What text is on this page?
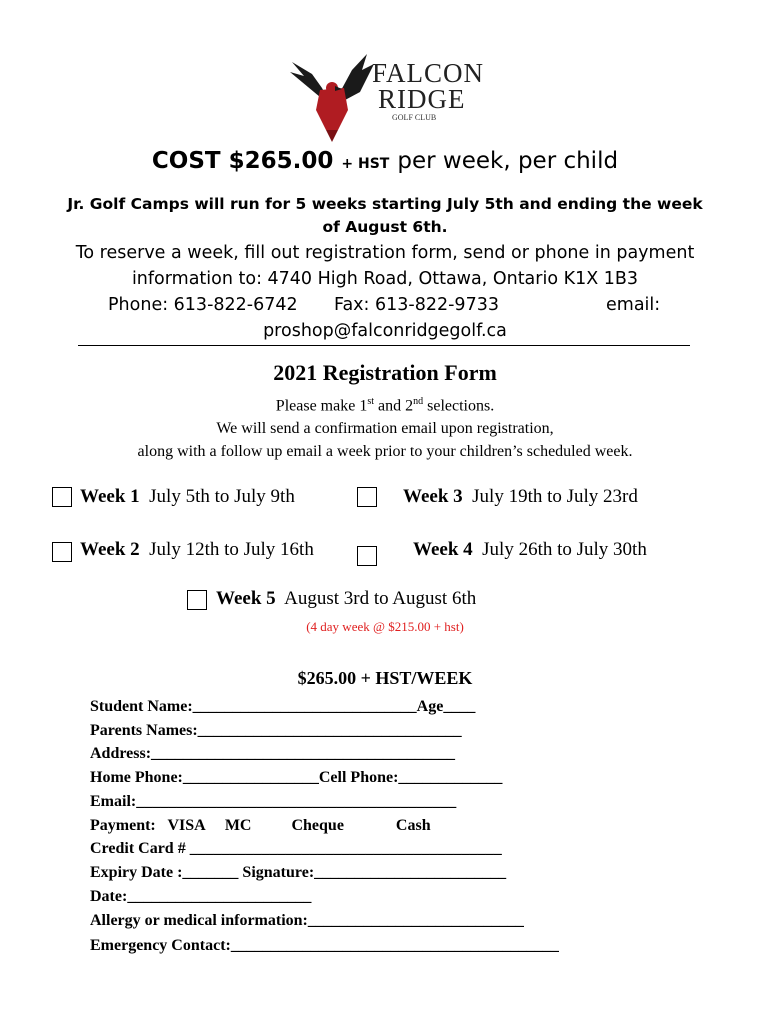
FALCON
RIDGE
GOLF CLUB
COST $265.00 + HST per week, per child
Jr. Golf Camps will run for 5 weeks starting July 5th and ending the week of August 6th.
To reserve a week, fill out registration form, send or phone in payment information to: 4740 High Road, Ottawa, Ontario K1X 1B3
Phone: 613-822-6742 Fax: 613-822-9733	email:
proshop@falconridgegolf.ca
2021 Registration Form
Please make 1st and 2nd selections.
We will send a confirmation email upon registration,
along with a follow up email a week prior to your children’s scheduled week.
Week 1 July 5th to July 9th	Week 3 July 19th to July 23rd
Week 2 July 12th to July 16th	Week 4 July 26th to July 30th
Week 5 August 3rd to August 6th
(4 day week @ $215.00 + hst)
$265.00 + HST/WEEK
Student Name:____________________________Age____
Parents Names:_________________________________
Address:______________________________________
Home Phone:_________________Cell Phone:_____________
Email:________________________________________
Payment:   VISA     MC          Cheque             Cash
Credit Card # _______________________________________
Expiry Date :_______ Signature:________________________
Date:_______________________
Allergy or medical information:___________________________
Emergency Contact:_________________________________________
